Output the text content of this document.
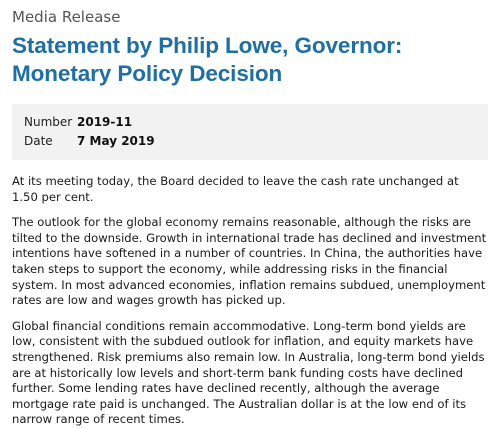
Media Release
Statement by Philip Lowe, Governor:
Monetary Policy Decision
Number 2019-11
Date	7 May 2019

At its meeting today, the Board decided to leave the cash rate unchanged at 1.50 per cent.

The outlook for the global economy remains reasonable, although the risks are tilted to the downside. Growth in international trade has declined and investment intentions have softened in a number of countries. In China, the authorities have taken steps to support the economy, while addressing risks in the financial system. In most advanced economies, inflation remains subdued, unemployment rates are low and wages growth has picked up.

Global financial conditions remain accommodative. Long-term bond yields are low, consistent with the subdued outlook for inflation, and equity markets have strengthened. Risk premiums also remain low. In Australia, long-term bond yields are at historically low levels and short-term bank funding costs have declined further. Some lending rates have declined recently, although the average mortgage rate paid is unchanged. The Australian dollar is at the low end of its narrow range of recent times.
